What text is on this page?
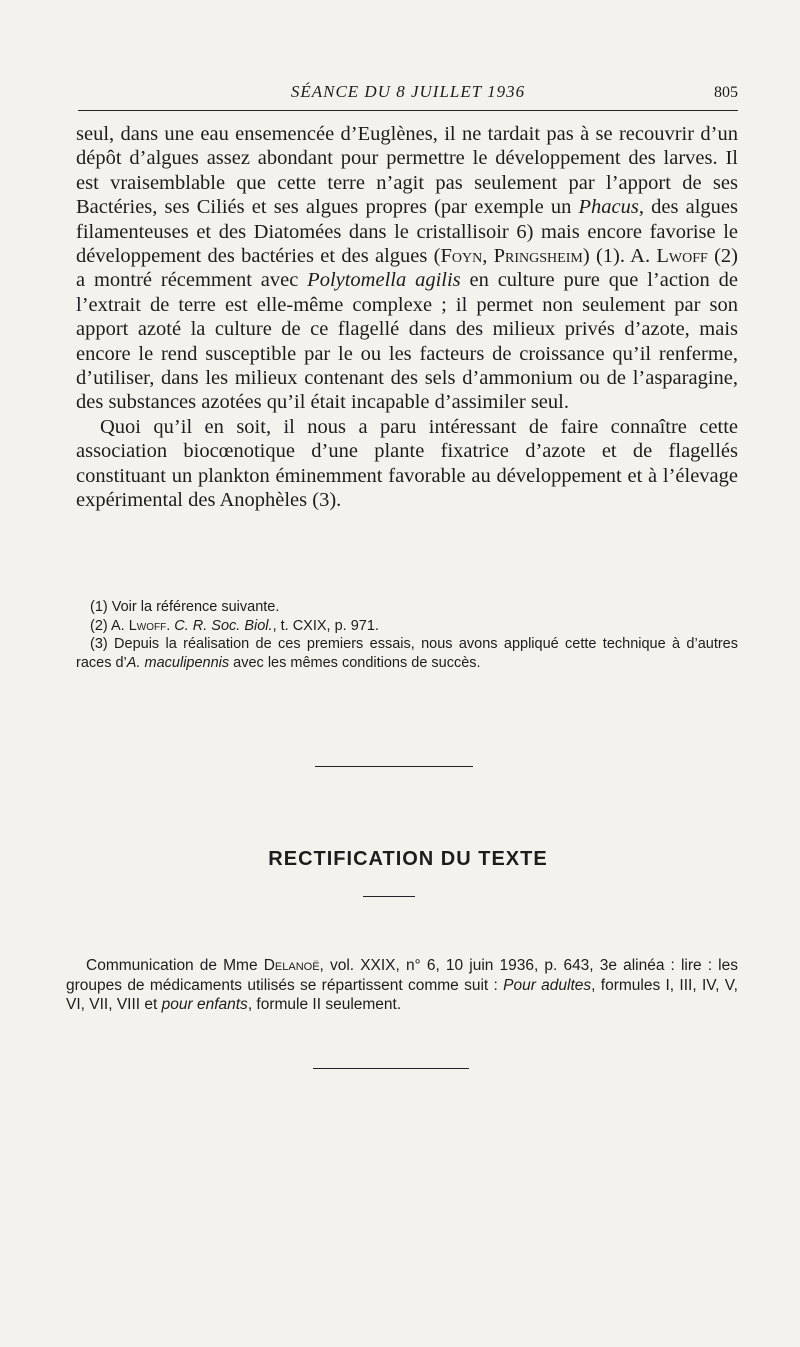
SÉANCE DU 8 JUILLET 1936	805

seul, dans une eau ensemencée d’Euglènes, il ne tardait pas à se recouvrir d’un dépôt d’algues assez abondant pour permettre le développement des larves. Il est vraisemblable que cette terre n’agit pas seulement par l’apport de ses Bactéries, ses Ciliés et ses algues propres (par exemple un Phacus, des algues filamenteuses et des Diatomées dans le cristallisoir 6) mais encore favorise le développement des bactéries et des algues (Foyn, Pringsheim) (1). A. Lwoff (2) a montré récemment avec Polytomella agilis en culture pure que l’action de l’extrait de terre est elle-même complexe ; il permet non seulement par son apport azoté la culture de ce flagellé dans des milieux privés d’azote, mais encore le rend susceptible par le ou les facteurs de croissance qu’il renferme, d’utiliser, dans les milieux contenant des sels d’ammonium ou de l’asparagine, des substances azotées qu’il était incapable d’assimiler seul.

Quoi qu’il en soit, il nous a paru intéressant de faire connaître cette association biocœnotique d’une plante fixatrice d’azote et de flagellés constituant un plankton éminemment favorable au développement et à l’élevage expérimental des Anophèles (3).

(1) Voir la référence suivante.

(2) A. Lwoff. C. R. Soc. Biol., t. CXIX, p. 971.

(3) Depuis la réalisation de ces premiers essais, nous avons appliqué cette technique à d’autres races d’A. maculipennis avec les mêmes conditions de succès.

RECTIFICATION DU TEXTE

Communication de Mme Delanoë, vol. XXIX, n° 6, 10 juin 1936, p. 643, 3e alinéa : lire : les groupes de médicaments utilisés se répartissent comme suit : Pour adultes, formules I, III, IV, V, VI, VII, VIII et pour enfants, formule II seulement.
